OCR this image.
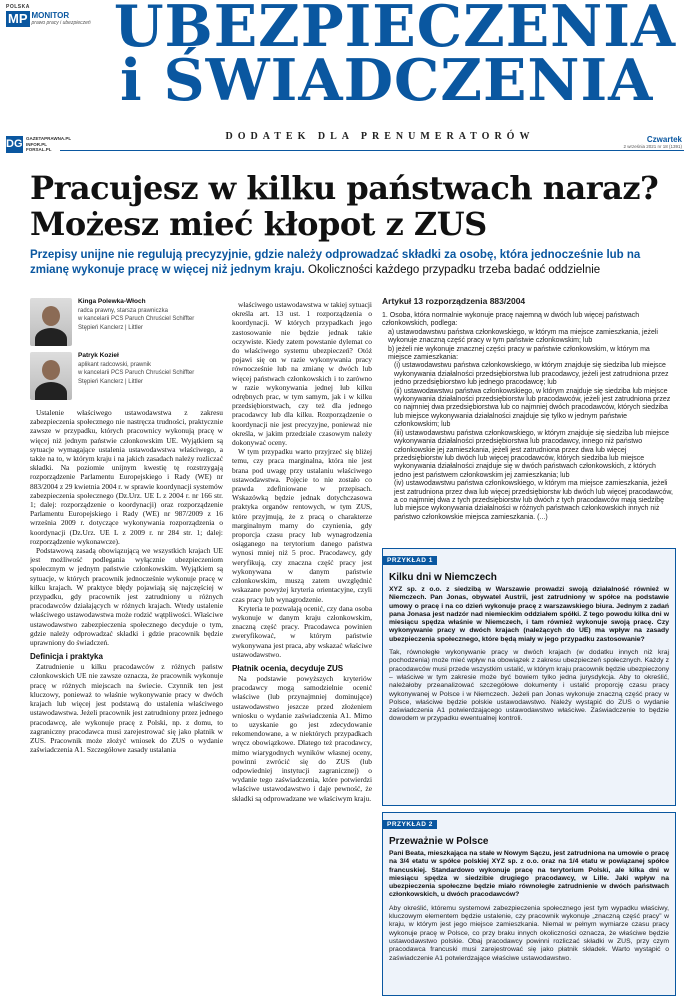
POLSKA
MP MONITOR
prawo pracy i ubezpieczeń UBEZPIECZENIA
i ŚWIADCZENIA
DODATEK DLA PRENUMERATORÓW
DGP
GAZETAPRAWNA.PL
INFOR.PL
FORSAL.PL
Czwartek
2 września 2021 nr 18 (1391)
Pracujesz w kilku państwach naraz?
Możesz mieć kłopot z ZUS
Przepisy unijne nie regulują precyzyjnie, gdzie należy odprowadzać składki za osobę, która jednocześnie lub na zmianę wykonuje pracę w więcej niż jednym kraju. Okoliczności każdego przypadku trzeba badać oddzielnie
Kinga Polewka-Włoch
radca prawny, starsza prawniczka
w kancelarii PCS Paruch Chruściel Schiffter
Stępień Kanclerz | Littler
Patryk Kozieł
aplikant radcowski, prawnik
w kancelarii PCS Paruch Chruściel Schiffter
Stępień Kanclerz | Littler

Ustalenie właściwego ustawodawstwa z zakresu zabezpieczenia społecznego nie nastręcza trudności, praktycznie zawsze w przypadku, których pracownicy wykonują pracę w więcej niż jednym państwie członkowskim UE. Wyjątkiem są sytuacje wymagające ustalenia ustawodawstwa właściwego, a także na to, w którym kraju i na jakich zasadach należy rozliczać składki. Na poziomie unijnym kwestię tę rozstrzygają rozporządzenie Parlamentu Europejskiego i Rady (WE) nr 883/2004 z 29 kwietnia 2004 r. w sprawie koordynacji systemów zabezpieczenia społecznego (Dz.Urz. UE L z 2004 r. nr 166 str. 1; dalej: rozporządzenie o koordynacji) oraz rozporządzenie Parlamentu Europejskiego i Rady (WE) nr 987/2009 z 16 września 2009 r. dotyczące wykonywania rozporządzenia o koordynacji (Dz.Urz. UE L z 2009 r. nr 284 str. 1; dalej: rozporządzenie wykonawcze).

Podstawową zasadą obowiązującą we wszystkich krajach UE jest możliwość podlegania wyłącznie ubezpieczeniom społecznym w jednym państwie członkowskim. Wyjątkiem są sytuacje, w których pracownik jednocześnie wykonuje pracę w kilku krajach. W praktyce błędy pojawiają się najczęściej w przypadku, gdy pracownik jest zatrudniony u różnych pracodawców działających w różnych krajach. Wtedy ustalenie właściwego ustawodawstwa może rodzić wątpliwości. Właściwe ustawodawstwo zabezpieczenia społecznego decyduje o tym, gdzie należy odprowadzać składki i gdzie pracownik będzie uprawniony do świadczeń.

Definicja i praktyka

Zatrudnienie u kilku pracodawców z różnych państw członkowskich UE nie zawsze oznacza, że pracownik wykonuje pracę w różnych miejscach na świecie. Czynnik ten jest kluczowy, ponieważ to właśnie wykonywanie pracy w dwóch krajach lub więcej jest podstawą do ustalenia właściwego ustawodawstwa. Jeżeli pracownik jest zatrudniony przez jednego pracodawcę, ale wykonuje pracę z Polski, np. z domu, to zagraniczny pracodawca musi zarejestrować się jako płatnik w ZUS. Pracownik może złożyć wniosek do ZUS o wydanie zaświadczenia A1. Szczegółowe zasady ustalania

właściwego ustawodawstwa w takiej sytuacji określa art. 13 ust. 1 rozporządzenia o koordynacji. W których przypadkach jego zastosowanie nie będzie jednak takie oczywiste. Kiedy zatem powstanie dylemat co do właściwego systemu ubezpieczeń? Otóż pojawi się on w razie wykonywania pracy równocześnie lub na zmianę w dwóch lub więcej państwach członkowskich i to zarówno w razie wykonywania jednej lub kilku odrębnych prac, w tym samym, jak i w kilku przedsiębiorstwach, czy też dla jednego pracodawcy lub dla kilku. Rozporządzenie o koordynacji nie jest precyzyjne, ponieważ nie określa, w jakim przedziale czasowym należy dokonywać oceny.

W tym przypadku warto przyjrzeć się bliżej temu, czy praca marginalna, która nie jest brana pod uwagę przy ustalaniu właściwego ustawodawstwa. Pojęcie to nie zostało co prawda zdefiniowane w przepisach. Wskazówką będzie jednak dotychczasowa praktyka organów rentowych, w tym ZUS, które przyjmują, że z pracą o charakterze marginalnym mamy do czynienia, gdy proporcja czasu pracy lub wynagrodzenia osiąganego na terytorium danego państwa wynosi mniej niż 5 proc. Pracodawcy, gdy weryfikują, czy znaczna część pracy jest wykonywana w danym państwie członkowskim, muszą zatem uwzględnić wskazane powyżej kryteria orientacyjne, czyli czas pracy lub wynagrodzenie.

Kryteria te pozwalają ocenić, czy dana osoba wykonuje w danym kraju członkowskim, znaczną część pracy. Pracodawca powinien zweryfikować, w którym państwie wykonywana jest praca, aby wskazać właściwe ustawodawstwo.

Płatnik ocenia, decyduje ZUS

Na podstawie powyższych kryteriów pracodawcy mogą samodzielnie ocenić właściwe (lub przynajmniej dominujące) ustawodawstwo jeszcze przed złożeniem wniosku o wydanie zaświadczenia A1. Mimo to uzyskanie go jest zdecydowanie rekomendowane, a w niektórych przypadkach wręcz obowiązkowe. Dlatego też pracodawcy, mimo wiarygodnych wyników własnej oceny, powinni zwrócić się do ZUS (lub odpowiedniej instytucji zagranicznej) o wydanie tego zaświadczenia, które potwierdzi właściwe ustawodawstwo i daje pewność, że składki są odprowadzane we właściwym kraju.

Artykuł 13 rozporządzenia 883/2004
1. Osoba, która normalnie wykonuje pracę najemną w dwóch lub więcej państwach członkowskich, podlega:
a) ustawodawstwu państwa członkowskiego, w którym ma miejsce zamieszkania, jeżeli wykonuje znaczną część pracy w tym państwie członkowskim; lub
b) jeżeli nie wykonuje znacznej części pracy w państwie członkowskim, w którym ma miejsce zamieszkania:
(i) ustawodawstwu państwa członkowskiego, w którym znajduje się siedziba lub miejsce wykonywania działalności przedsiębiorstwa lub pracodawcy, jeżeli jest zatrudniona przez jedno przedsiębiorstwo lub jednego pracodawcę; lub
(ii) ustawodawstwu państwa członkowskiego, w którym znajduje się siedziba lub miejsce wykonywania działalności przedsiębiorstw lub pracodawców, jeżeli jest zatrudniona przez co najmniej dwa przedsiębiorstwa lub co najmniej dwóch pracodawców, których siedziba lub miejsce wykonywania działalności znajduje się tylko w jednym państwie członkowskim; lub
(iii) ustawodawstwu państwa członkowskiego, w którym znajduje się siedziba lub miejsce wykonywania działalności przedsiębiorstwa lub pracodawcy, innego niż państwo członkowskie jej zamieszkania, jeżeli jest zatrudniona przez dwa lub więcej przedsiębiorstw lub dwóch lub więcej pracodawców, których siedziba lub miejsce wykonywania działalności znajduje się w dwóch państwach członkowskich, z których jedno jest państwem członkowskim jej zamieszkania; lub
(iv) ustawodawstwu państwa członkowskiego, w którym ma miejsce zamieszkania, jeżeli jest zatrudniona przez dwa lub więcej przedsiębiorstw lub dwóch lub więcej pracodawców, a co najmniej dwa z tych przedsiębiorstw lub dwóch z tych pracodawców mają siedzibę lub miejsce wykonywania działalności w różnych państwach członkowskich innych niż państwo członkowskie miejsca zamieszkania. (...)
PRZYKŁAD 1
Kilku dni w Niemczech
XYZ sp. z o.o. z siedzibą w Warszawie prowadzi swoją działalność również w Niemczech. Pan Jonas, obywatel Austrii, jest zatrudniony w spółce na podstawie umowy o pracę i na co dzień wykonuje pracę z warszawskiego biura. Jednym z zadań pana Jonasa jest nadzór nad niemieckim oddziałem spółki. Z tego powodu kilka dni w miesiącu spędza właśnie w Niemczech, i tam również wykonuje swoją pracę. Czy wykonywanie pracy w dwóch krajach (należących do UE) ma wpływ na zasady ubezpieczenia społecznego, które będą miały w jego przypadku zastosowanie?
Tak, równoległe wykonywanie pracy w dwóch krajach (w dodatku innych niż kraj pochodzenia) może mieć wpływ na obowiązek z zakresu ubezpieczeń społecznych. Każdy z pracodawców musi przede wszystkim ustalić, w którym kraju pracownik będzie ubezpieczony – właściwe w tym zakresie może być bowiem tylko jedna jurysdykcja. Aby to określić, należałoby przeanalizować szczegółowe dokumenty i ustalić proporcję czasu pracy wykonywanej w Polsce i w Niemczech. Jeżeli pan Jonas wykonuje znaczną część pracy w Polsce, właściwe będzie polskie ustawodawstwo. Należy wystąpić do ZUS o wydanie zaświadczenia A1 potwierdzającego ustawodawstwo właściwe. Zaświadczenie to będzie dowodem w przypadku ewentualnej kontroli.
PRZYKŁAD 2
Przeważnie w Polsce
Pani Beata, mieszkająca na stałe w Nowym Sączu, jest zatrudniona na umowie o pracę na 3/4 etatu w spółce polskiej XYZ sp. z o.o. oraz na 1/4 etatu w powiązanej spółce francuskiej. Standardowo wykonuje pracę na terytorium Polski, ale kilka dni w miesiącu spędza w siedzibie drugiego pracodawcy, w Lille. Jaki wpływ na ubezpieczenia społeczne będzie miało równoległe zatrudnienie w dwóch państwach członkowskich, u dwóch pracodawców?
Aby określić, któremu systemowi zabezpieczenia społecznego jest tym wypadku właściwy, kluczowym elementem będzie ustalenie, czy pracownik wykonuje „znaczną część pracy” w kraju, w którym jest jego miejsce zamieszkania. Niemal w pełnym wymiarze czasu pracy wykonuje pracę w Polsce, co przy braku innych okoliczności oznacza, że właściwe będzie ustawodawstwo polskie. Obaj pracodawcy powinni rozliczać składki w ZUS, przy czym pracodawca francuski musi zarejestrować się jako płatnik składek. Warto wystąpić o zaświadczenie A1 potwierdzające właściwe ustawodawstwo.
